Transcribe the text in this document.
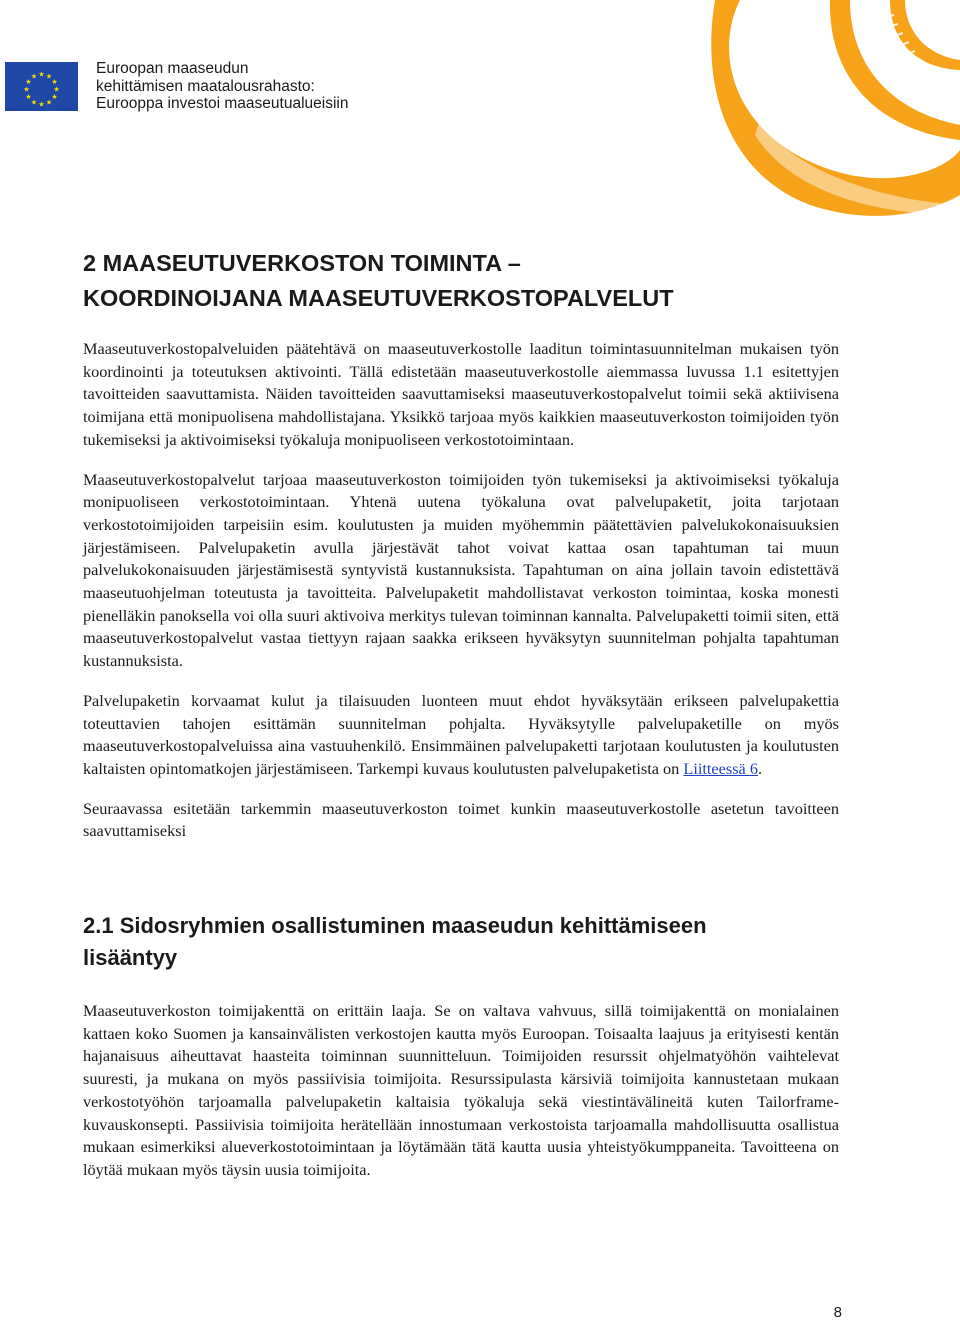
★ ★
★
★
★
★
★
★
★
★
★
★	Euroopan maaseudun
kehittämisen maatalousrahasto:
Eurooppa investoi maaseutualueisiin
2 MAASEUTUVERKOSTON TOIMINTA –
KOORDINOIJANA MAASEUTUVERKOSTOPALVELUT

Maaseutuverkostopalveluiden päätehtävä on maaseutuverkostolle laaditun toimintasuunnitelman mukaisen työn koordinointi ja toteutuksen aktivointi. Tällä edistetään maaseutuverkostolle aiemmassa luvussa 1.1 esitettyjen tavoitteiden saavuttamista. Näiden tavoitteiden saavuttamiseksi maaseutuverkostopalvelut toimii sekä aktiivisena toimijana että monipuolisena mahdollistajana. Yksikkö tarjoaa myös kaikkien maaseutuverkoston toimijoiden työn tukemiseksi ja aktivoimiseksi työkaluja monipuoliseen verkostotoimintaan.

Maaseutuverkostopalvelut tarjoaa maaseutuverkoston toimijoiden työn tukemiseksi ja aktivoimiseksi työkaluja monipuoliseen verkostotoimintaan. Yhtenä uutena työkaluna ovat palvelupaketit, joita tarjotaan verkostotoimijoiden tarpeisiin esim. koulutusten ja muiden myöhemmin päätettävien palvelukokonaisuuksien järjestämiseen. Palvelupaketin avulla järjestävät tahot voivat kattaa osan tapahtuman tai muun palvelukokonaisuuden järjestämisestä syntyvistä kustannuksista. Tapahtuman on aina jollain tavoin edistettävä maaseutuohjelman toteutusta ja tavoitteita. Palvelupaketit mahdollistavat verkoston toimintaa, koska monesti pienelläkin panoksella voi olla suuri aktivoiva merkitys tulevan toiminnan kannalta. Palvelupaketti toimii siten, että maaseutuverkostopalvelut vastaa tiettyyn rajaan saakka erikseen hyväksytyn suunnitelman pohjalta tapahtuman kustannuksista.

Palvelupaketin korvaamat kulut ja tilaisuuden luonteen muut ehdot hyväksytään erikseen palvelupakettia toteuttavien tahojen esittämän suunnitelman pohjalta. Hyväksytylle palvelupaketille on myös maaseutuverkostopalveluissa aina vastuuhenkilö. Ensimmäinen palvelupaketti tarjotaan koulutusten ja koulutusten kaltaisten opintomatkojen järjestämiseen. Tarkempi kuvaus koulutusten palvelupaketista on Liitteessä 6.

Seuraavassa esitetään tarkemmin maaseutuverkoston toimet kunkin maaseutuverkostolle asetetun tavoitteen saavuttamiseksi

2.1 Sidosryhmien osallistuminen maaseudun kehittämiseen
lisääntyy

Maaseutuverkoston toimijakenttä on erittäin laaja. Se on valtava vahvuus, sillä toimijakenttä on monialainen kattaen koko Suomen ja kansainvälisten verkostojen kautta myös Euroopan. Toisaalta laajuus ja erityisesti kentän hajanaisuus aiheuttavat haasteita toiminnan suunnitteluun. Toimijoiden resurssit ohjelmatyöhön vaihtelevat suuresti, ja mukana on myös passiivisia toimijoita. Resurssipulasta kärsiviä toimijoita kannustetaan mukaan verkostotyöhön tarjoamalla palvelupaketin kaltaisia työkaluja sekä viestintävälineitä kuten Tailorframe-kuvauskonsepti. Passiivisia toimijoita herätellään innostumaan verkostoista tarjoamalla mahdollisuutta osallistua mukaan esimerkiksi alueverkostotoimintaan ja löytämään tätä kautta uusia yhteistyökumppaneita. Tavoitteena on löytää mukaan myös täysin uusia toimijoita.

8
